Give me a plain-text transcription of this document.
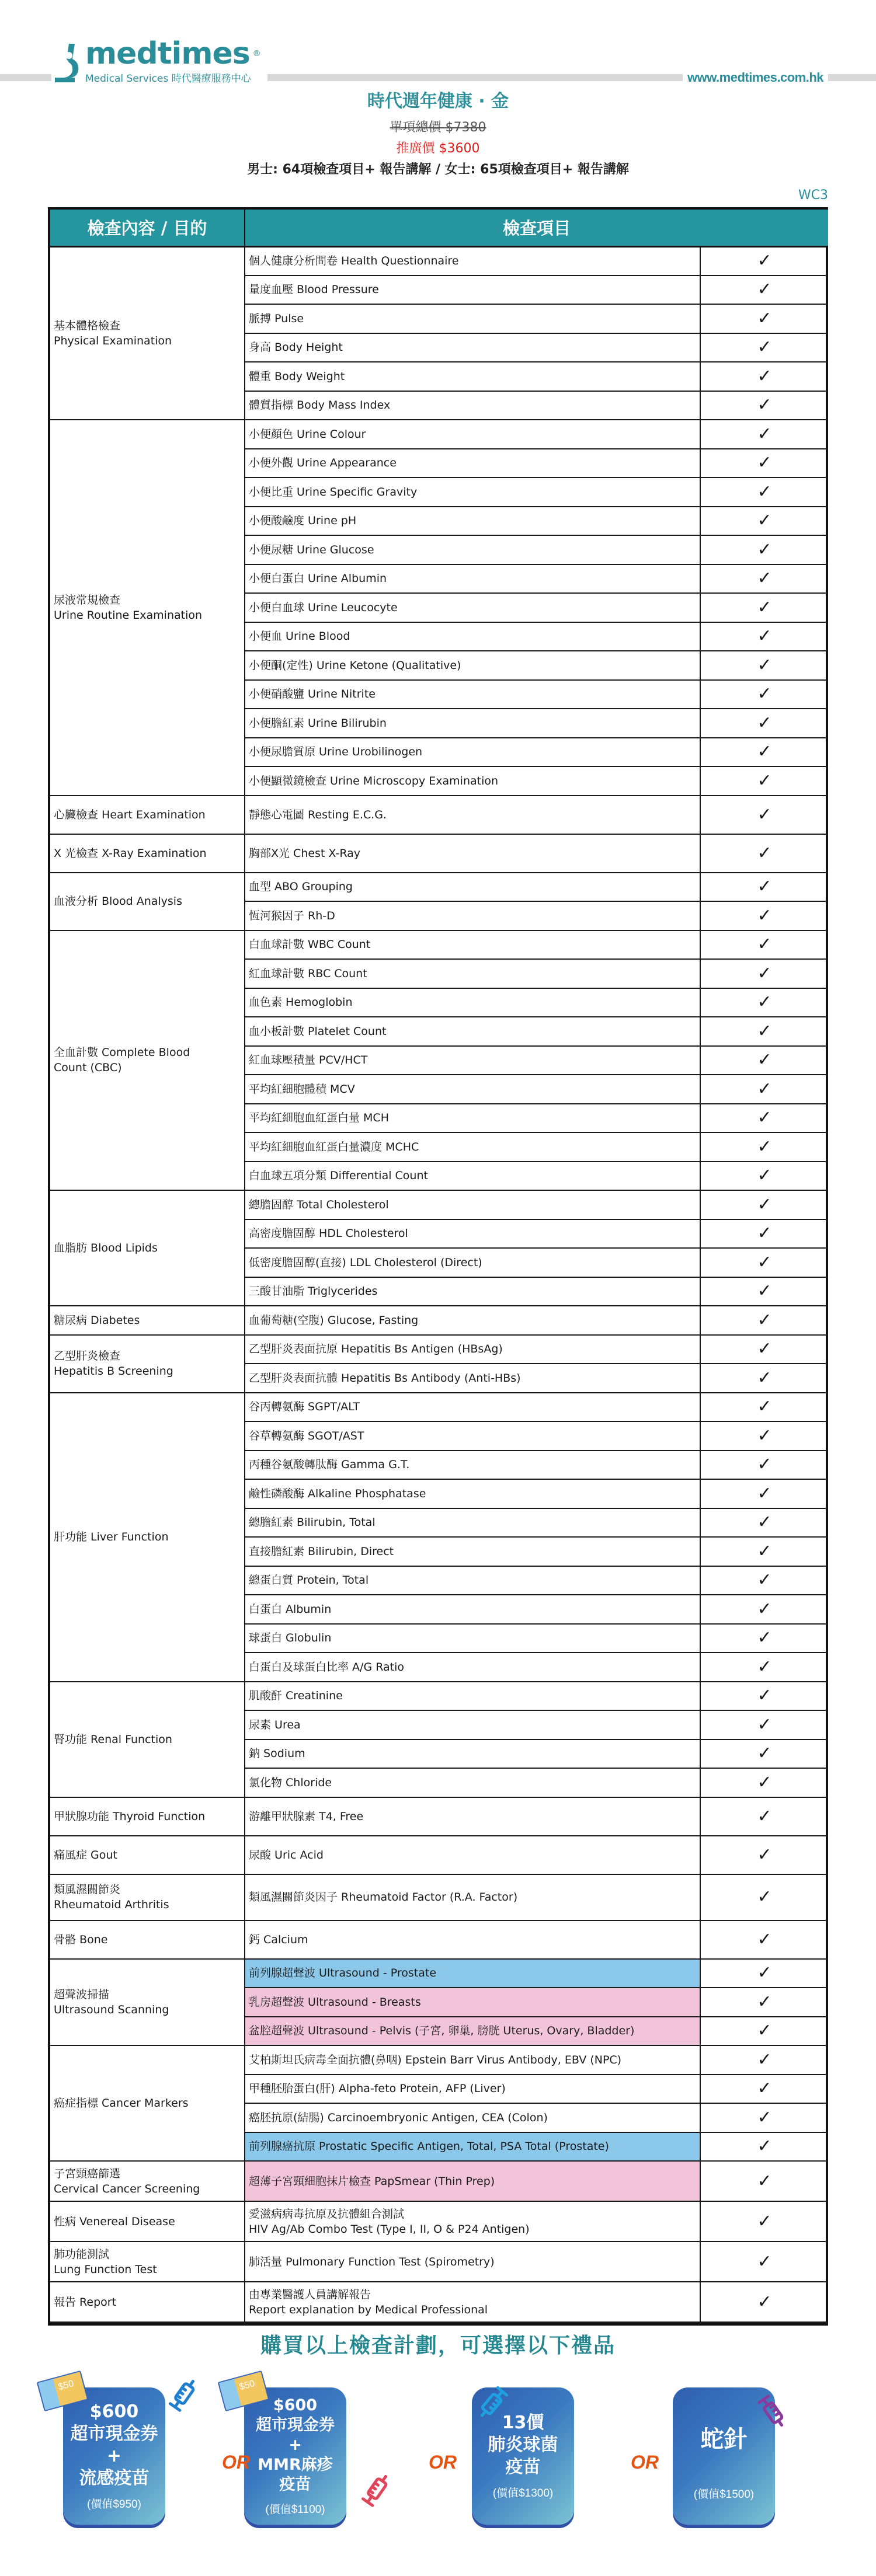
medtimes ®
Medical Services 時代醫療服務中心	www.medtimes.com.hk
時代週年健康 · 金
單項總價 $7380
推廣價 $3600
男士: 64項檢查項目+ 報告講解 / 女士: 65項檢查項目+ 報告講解
WC3
檢查內容 / 目的	檢查項目	

基本體格檢查
Physical Examination	個人健康分析問卷 Health Questionnaire	✓

	量度血壓 Blood Pressure	✓

	脈搏 Pulse	✓

	身高 Body Height	✓

	體重 Body Weight	✓

	體質指標 Body Mass Index	✓

尿液常規檢查
Urine Routine Examination	小便顏色 Urine Colour	✓

	小便外觀 Urine Appearance	✓

	小便比重 Urine Specific Gravity	✓

	小便酸鹼度 Urine pH	✓

	小便尿糖 Urine Glucose	✓

	小便白蛋白 Urine Albumin	✓

	小便白血球 Urine Leucocyte	✓

	小便血 Urine Blood	✓

	小便酮(定性) Urine Ketone (Qualitative)	✓

	小便硝酸鹽 Urine Nitrite	✓

	小便膽紅素 Urine Bilirubin	✓

	小便尿膽質原 Urine Urobilinogen	✓

	小便顯微鏡檢查 Urine Microscopy Examination	✓

心臟檢查 Heart Examination	靜態心電圖 Resting E.C.G.	✓

X 光檢查 X-Ray Examination	胸部X光 Chest X-Ray	✓

血液分析 Blood Analysis	血型 ABO Grouping	✓

	恆河猴因子 Rh-D	✓

全血計數 Complete Blood
Count (CBC)	白血球計數 WBC Count	✓

	紅血球計數 RBC Count	✓

	血色素 Hemoglobin	✓

	血小板計數 Platelet Count	✓

	紅血球壓積量 PCV/HCT	✓

	平均紅細胞體積 MCV	✓

	平均紅細胞血紅蛋白量 MCH	✓

	平均紅細胞血紅蛋白量濃度 MCHC	✓

	白血球五項分類 Differential Count	✓

血脂肪 Blood Lipids	總膽固醇 Total Cholesterol	✓

	高密度膽固醇 HDL Cholesterol	✓

	低密度膽固醇(直接) LDL Cholesterol (Direct)	✓

	三酸甘油脂 Triglycerides	✓

糖尿病 Diabetes	血葡萄糖(空腹) Glucose, Fasting	✓

乙型肝炎檢查
Hepatitis B Screening	乙型肝炎表面抗原 Hepatitis Bs Antigen (HBsAg)	✓

	乙型肝炎表面抗體 Hepatitis Bs Antibody (Anti-HBs)	✓

肝功能 Liver Function	谷丙轉氨酶 SGPT/ALT	✓

	谷草轉氨酶 SGOT/AST	✓

	丙種谷氨酸轉肽酶 Gamma G.T.	✓

	鹼性磷酸酶 Alkaline Phosphatase	✓

	總膽紅素 Bilirubin, Total	✓

	直接膽紅素 Bilirubin, Direct	✓

	總蛋白質 Protein, Total	✓

	白蛋白 Albumin	✓

	球蛋白 Globulin	✓

	白蛋白及球蛋白比率 A/G Ratio	✓

腎功能 Renal Function	肌酸酐 Creatinine	✓

	尿素 Urea	✓

	鈉 Sodium	✓

	氯化物 Chloride	✓

甲狀腺功能 Thyroid Function	游離甲狀腺素 T4, Free	✓

痛風症 Gout	尿酸 Uric Acid	✓

類風濕關節炎
Rheumatoid Arthritis	類風濕關節炎因子 Rheumatoid Factor (R.A. Factor)	✓

骨骼 Bone	鈣 Calcium	✓

超聲波掃描
Ultrasound Scanning	前列腺超聲波 Ultrasound - Prostate	✓

	乳房超聲波 Ultrasound - Breasts	✓

	盆腔超聲波 Ultrasound - Pelvis (子宮, 卵巢, 膀胱 Uterus, Ovary, Bladder)	✓

癌症指標 Cancer Markers	艾柏斯坦氏病毒全面抗體(鼻咽) Epstein Barr Virus Antibody, EBV (NPC)	✓

	甲種胚胎蛋白(肝) Alpha-feto Protein, AFP (Liver)	✓

	癌胚抗原(結腸) Carcinoembryonic Antigen, CEA (Colon)	✓

	前列腺癌抗原 Prostatic Specific Antigen, Total, PSA Total (Prostate)	✓

子宮頸癌篩選
Cervical Cancer Screening	超薄子宮頸細胞抹片檢查 PapSmear (Thin Prep)	✓

性病 Venereal Disease	愛滋病病毒抗原及抗體組合測試
HIV Ag/Ab Combo Test (Type I, II, O & P24 Antigen)	✓

肺功能測試
Lung Function Test	肺活量 Pulmonary Function Test (Spirometry)	✓

報告 Report	由專業醫護人員講解報告
Report explanation by Medical Professional	✓
購買以上檢查計劃，可選擇以下禮品
$600
超市現金券
+
流感疫苗
(價值$950)
$50
$600
超市現金券
+
MMR麻疹
疫苗
(價值$1100)
$50
13價
肺炎球菌
疫苗
(價值$1300)
蛇針
(價值$1500)
OR	OR	OR
